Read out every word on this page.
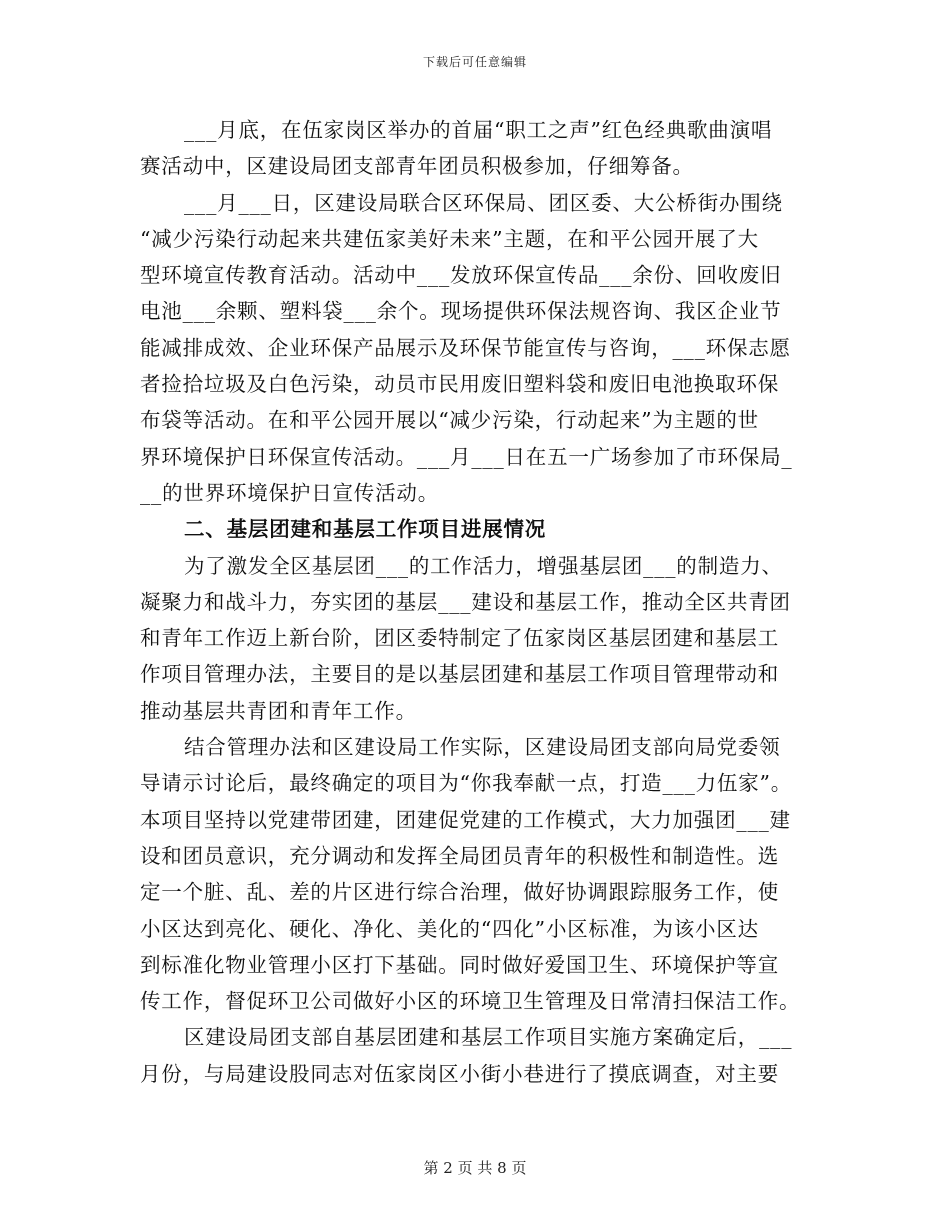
下载后可任意编辑
___月底，在伍家岗区举办的首届“职工之声”红色经典歌曲演唱
赛活动中，区建设局团支部青年团员积极参加，仔细筹备。
___月___日，区建设局联合区环保局、团区委、大公桥街办围绕
“减少污染行动起来共建伍家美好未来”主题，在和平公园开展了大
型环境宣传教育活动。活动中___发放环保宣传品___余份、回收废旧
电池___余颗、塑料袋___余个。现场提供环保法规咨询、我区企业节
能减排成效、企业环保产品展示及环保节能宣传与咨询，___环保志愿
者捡拾垃圾及白色污染，动员市民用废旧塑料袋和废旧电池换取环保
布袋等活动。在和平公园开展以“减少污染，行动起来”为主题的世
界环境保护日环保宣传活动。___月___日在五一广场参加了市环保局_
__的世界环境保护日宣传活动。
二、基层团建和基层工作项目进展情况
为了激发全区基层团___的工作活力，增强基层团___的制造力、
凝聚力和战斗力，夯实团的基层___建设和基层工作，推动全区共青团
和青年工作迈上新台阶，团区委特制定了伍家岗区基层团建和基层工
作项目管理办法，主要目的是以基层团建和基层工作项目管理带动和
推动基层共青团和青年工作。
结合管理办法和区建设局工作实际，区建设局团支部向局党委领
导请示讨论后，最终确定的项目为“你我奉献一点，打造___力伍家”。
本项目坚持以党建带团建，团建促党建的工作模式，大力加强团___建
设和团员意识，充分调动和发挥全局团员青年的积极性和制造性。选
定一个脏、乱、差的片区进行综合治理，做好协调跟踪服务工作，使
小区达到亮化、硬化、净化、美化的“四化”小区标准，为该小区达
到标准化物业管理小区打下基础。同时做好爱国卫生、环境保护等宣
传工作，督促环卫公司做好小区的环境卫生管理及日常清扫保洁工作。
区建设局团支部自基层团建和基层工作项目实施方案确定后，___
月份，与局建设股同志对伍家岗区小街小巷进行了摸底调查，对主要
第 2 页 共 8 页
